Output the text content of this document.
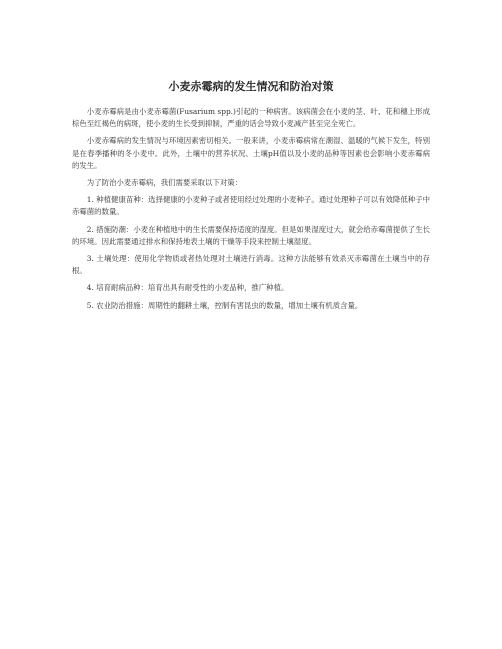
小麦赤霉病的发生情况和防治对策

小麦赤霉病是由小麦赤霉菌(Fusarium spp.)引起的一种病害。该病菌会在小麦的茎、叶、花和穗上形成棕色至红褐色的病斑，使小麦的生长受到抑制，严重的话会导致小麦减产甚至完全死亡。

小麦赤霉病的发生情况与环境因素密切相关。一般来讲，小麦赤霉病常在潮湿、温暖的气候下发生，特别是在春季播种的冬小麦中。此外，土壤中的营养状况、土壤pH值以及小麦的品种等因素也会影响小麦赤霉病的发生。

为了防治小麦赤霉病，我们需要采取以下对策：

1. 种植健康苗种：选择健康的小麦种子或者使用经过处理的小麦种子。通过处理种子可以有效降低种子中赤霉菌的数量。

2. 措施防潮：小麦在种植地中的生长需要保持适度的湿度。但是如果湿度过大，就会给赤霉菌提供了生长的环境。因此需要通过排水和保持地表土壤的干燥等手段来控制土壤湿度。

3. 土壤处理：使用化学物质或者热处理对土壤进行消毒。这种方法能够有效杀灭赤霉菌在土壤当中的存根。

4. 培育耐病品种：培育出具有耐受性的小麦品种，推广种植。

5. 农业防治措施：周期性的翻耕土壤，控制有害昆虫的数量，增加土壤有机质含量。
